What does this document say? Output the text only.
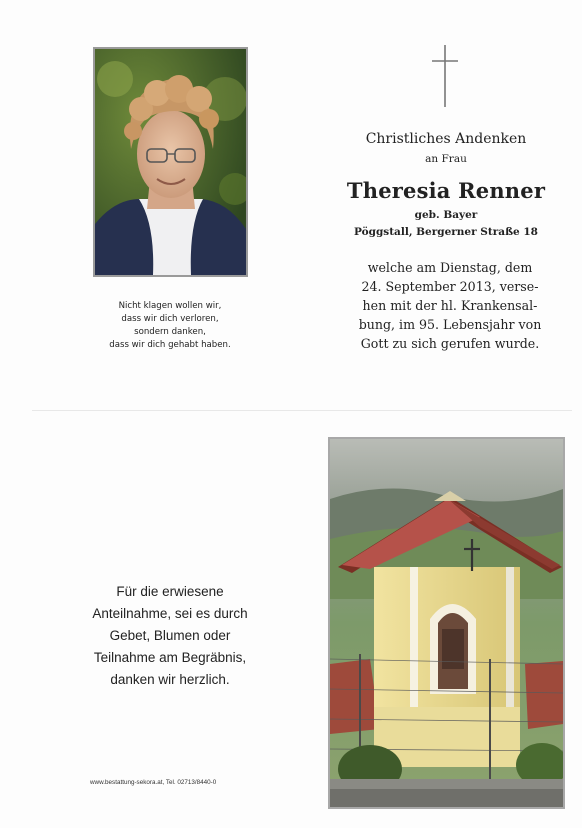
Nicht klagen wollen wir,
dass wir dich verloren,
sondern danken,
dass wir dich gehabt haben.
Christliches Andenken
an Frau
Theresia Renner
geb. Bayer
Pöggstall, Bergerner Straße 18
welche am Dienstag, dem
24. September 2013, verse-
hen mit der hl. Krankensal-
bung, im 95. Lebensjahr von
Gott zu sich gerufen wurde.
Für die erwiesene
Anteilnahme, sei es durch
Gebet, Blumen oder
Teilnahme am Begräbnis,
danken wir herzlich.
www.bestattung-sekora.at, Tel. 02713/8440-0
